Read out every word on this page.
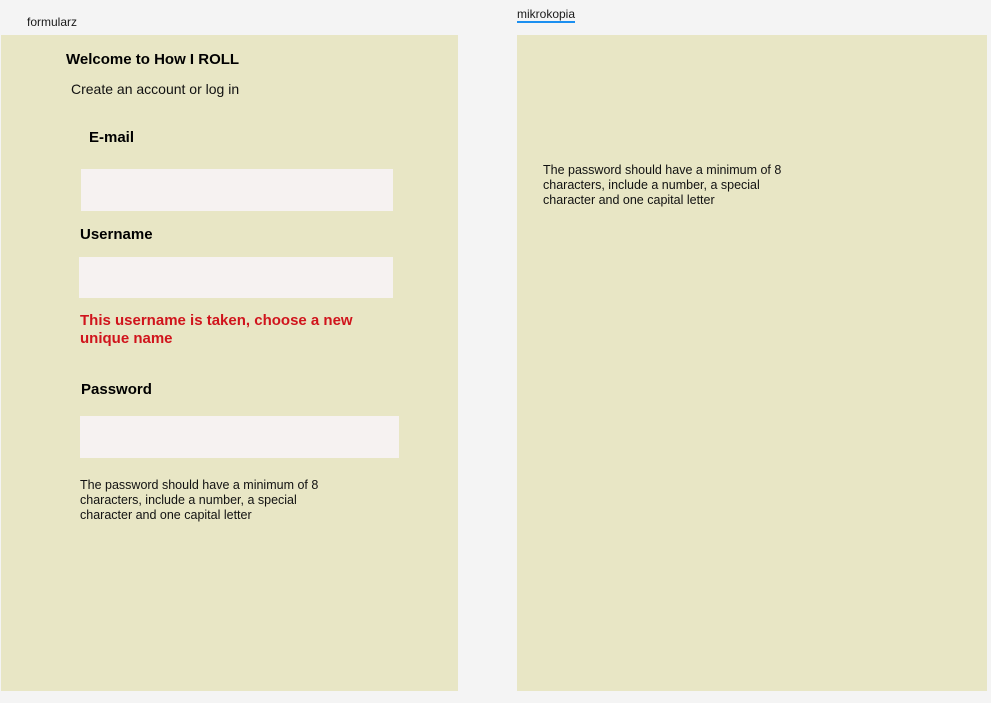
formularz
mikrokopia
Welcome to How I ROLL
Create an account or log in
E-mail
Username
This username is taken, choose a new unique name
Password
The password should have a minimum of 8 characters, include a number, a special character and one capital letter
The password should have a minimum of 8 characters, include a number, a special character and one capital letter
